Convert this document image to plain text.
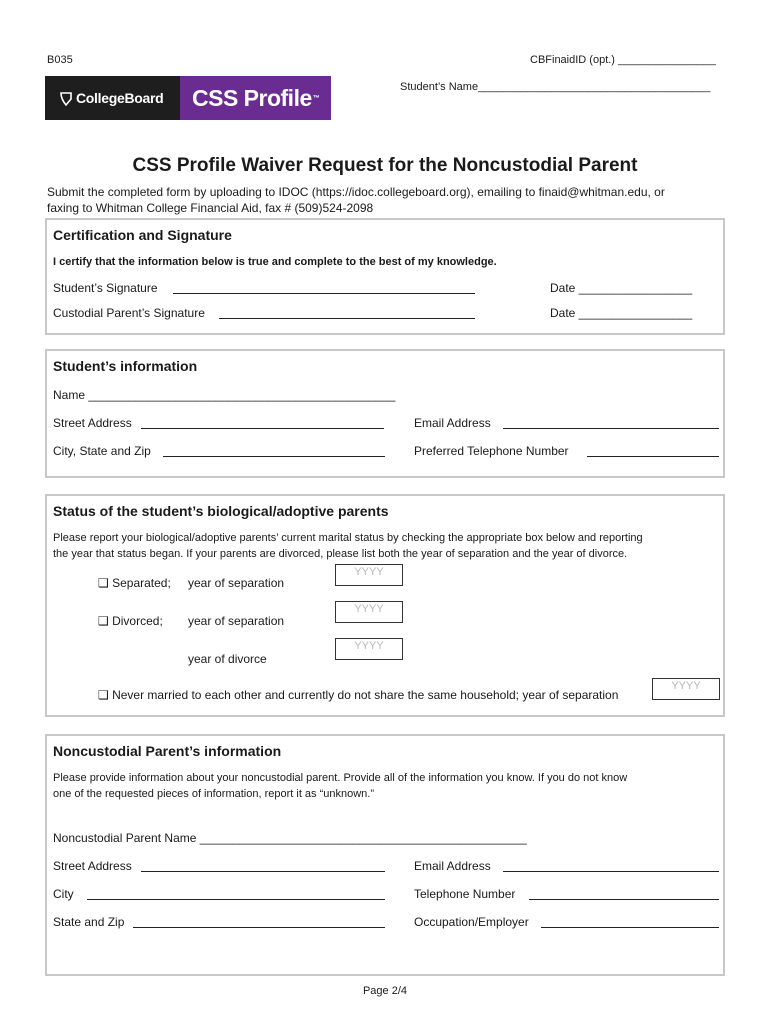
B035	CBFinaidID (opt.) ________________
Student’s Name______________________________________
CollegeBoard CSS Profile ™
CSS Profile Waiver Request for the Noncustodial Parent
Submit the completed form by uploading to IDOC (https://idoc.collegeboard.org), emailing to finaid@whitman.edu, or
faxing to Whitman College Financial Aid, fax # (509)524-2098
Certification and Signature
I certify that the information below is true and complete to the best of my knowledge.
Student’s Signature	Date _________________
Custodial Parent’s Signature	Date _________________
Student’s information
Name ______________________________________________
Street Address	Email Address
City, State and Zip	Preferred Telephone Number
Status of the student’s biological/adoptive parents
Please report your biological/adoptive parents’ current marital status by checking the appropriate box below and reporting
the year that status began. If your parents are divorced, please list both the year of separation and the year of divorce.
❑ Separated; year of separation
YYYY
❑ Divorced; year of separation
YYYY
year of divorce
YYYY
❑ Never married to each other and currently do not share the same household; year of separation
YYYY
Noncustodial Parent’s information
Please provide information about your noncustodial parent. Provide all of the information you know. If you do not know
one of the requested pieces of information, report it as “unknown.”
Noncustodial Parent Name _________________________________________________
Street Address	Email Address
City	Telephone Number
State and Zip	Occupation/Employer
Page 2/4
